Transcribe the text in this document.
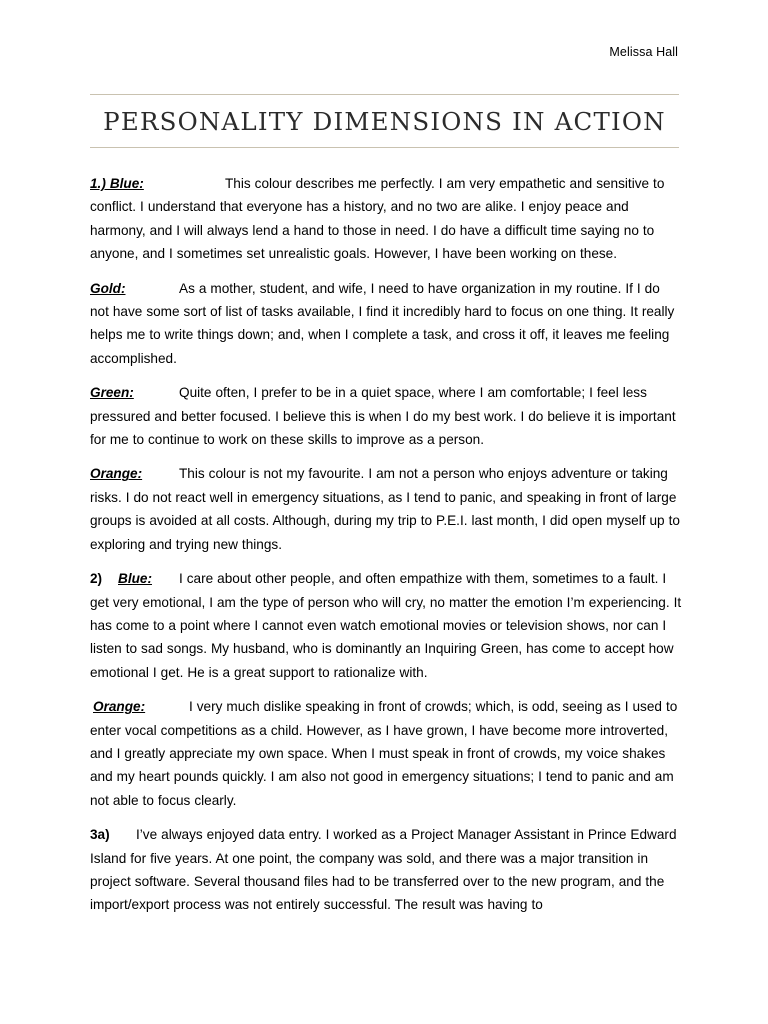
Melissa Hall
PERSONALITY DIMENSIONS IN ACTION

1.) Blue:	This colour describes me perfectly. I am very empathetic and sensitive to conflict. I understand that everyone has a history, and no two are alike. I enjoy peace and harmony, and I will always lend a hand to those in need. I do have a difficult time saying no to anyone, and I sometimes set unrealistic goals. However, I have been working on these.

Gold:	As a mother, student, and wife, I need to have organization in my routine. If I do not have some sort of list of tasks available, I find it incredibly hard to focus on one thing. It really helps me to write things down; and, when I complete a task, and cross it off, it leaves me feeling accomplished.

Green:	Quite often, I prefer to be in a quiet space, where I am comfortable; I feel less pressured and better focused. I believe this is when I do my best work. I do believe it is important for me to continue to work on these skills to improve as a person.

Orange:	This colour is not my favourite. I am not a person who enjoys adventure or taking risks. I do not react well in emergency situations, as I tend to panic, and speaking in front of large groups is avoided at all costs. Although, during my trip to P.E.I. last month, I did open myself up to exploring and trying new things.

2) Blue: I care about other people, and often empathize with them, sometimes to a fault. I get very emotional, I am the type of person who will cry, no matter the emotion I’m experiencing. It has come to a point where I cannot even watch emotional movies or television shows, nor can I listen to sad songs. My husband, who is dominantly an Inquiring Green, has come to accept how emotional I get. He is a great support to rationalize with.

Orange:	I very much dislike speaking in front of crowds; which, is odd, seeing as I used to enter vocal competitions as a child. However, as I have grown, I have become more introverted, and I greatly appreciate my own space. When I must speak in front of crowds, my voice shakes and my heart pounds quickly. I am also not good in emergency situations; I tend to panic and am not able to focus clearly.

3a) I’ve always enjoyed data entry. I worked as a Project Manager Assistant in Prince Edward Island for five years. At one point, the company was sold, and there was a major transition in project software. Several thousand files had to be transferred over to the new program, and the import/export process was not entirely successful. The result was having to
